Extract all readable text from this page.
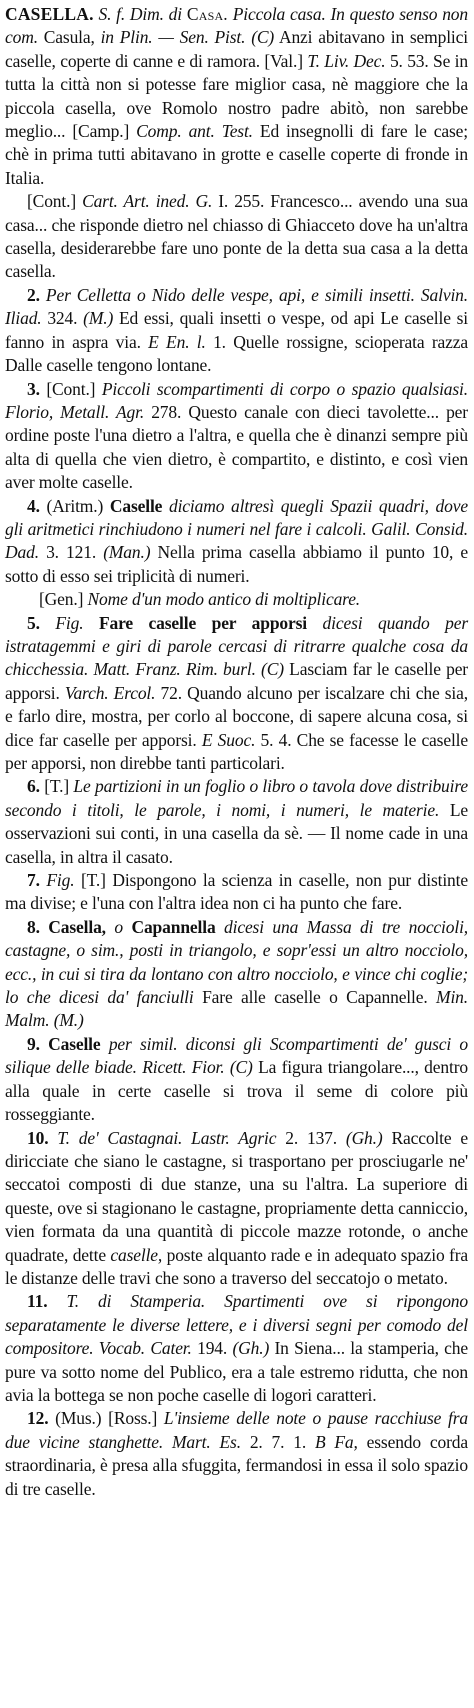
CASELLA. S. f. Dim. di Casa. Piccola casa. In questo senso non com. Casula, in Plin. — Sen. Pist. (C) Anzi abitavano in semplici caselle, coperte di canne e di ramora. [Val.] T. Liv. Dec. 5. 53. Se in tutta la città non si potesse fare miglior casa, nè maggiore che la piccola casella, ove Romolo nostro padre abitò, non sarebbe meglio... [Camp.] Comp. ant. Test. Ed insegnolli di fare le case; chè in prima tutti abitavano in grotte e caselle coperte di fronde in Italia.

[Cont.] Cart. Art. ined. G. I. 255. Francesco... avendo una sua casa... che risponde dietro nel chiasso di Ghiacceto dove ha un'altra casella, desiderarebbe fare uno ponte de la detta sua casa a la detta casella.

2. Per Celletta o Nido delle vespe, api, e simili insetti. Salvin. Iliad. 324. (M.) Ed essi, quali insetti o vespe, od api Le caselle si fanno in aspra via. E En. l. 1. Quelle rossigne, scioperata razza Dalle caselle tengono lontane.

3. [Cont.] Piccoli scompartimenti di corpo o spazio qualsiasi. Florio, Metall. Agr. 278. Questo canale con dieci tavolette... per ordine poste l'una dietro a l'altra, e quella che è dinanzi sempre più alta di quella che vien dietro, è compartito, e distinto, e così vien aver molte caselle.

4. (Aritm.) Caselle diciamo altresì quegli Spazii quadri, dove gli aritmetici rinchiudono i numeri nel fare i calcoli. Galil. Consid. Dad. 3. 121. (Man.) Nella prima casella abbiamo il punto 10, e sotto di esso sei triplicità di numeri.

[Gen.] Nome d'un modo antico di moltiplicare.

5. Fig. Fare caselle per apporsi dicesi quando per istratagemmi e giri di parole cercasi di ritrarre qualche cosa da chicchessia. Matt. Franz. Rim. burl. (C) Lasciam far le caselle per apporsi. Varch. Ercol. 72. Quando alcuno per iscalzare chi che sia, e farlo dire, mostra, per corlo al boccone, di sapere alcuna cosa, si dice far caselle per apporsi. E Suoc. 5. 4. Che se facesse le caselle per apporsi, non direbbe tanti particolari.

6. [T.] Le partizioni in un foglio o libro o tavola dove distribuire secondo i titoli, le parole, i nomi, i numeri, le materie. Le osservazioni sui conti, in una casella da sè. — Il nome cade in una casella, in altra il casato.

7. Fig. [T.] Dispongono la scienza in caselle, non pur distinte ma divise; e l'una con l'altra idea non ci ha punto che fare.

8. Casella, o Capannella dicesi una Massa di tre noccioli, castagne, o sim., posti in triangolo, e sopr'essi un altro nocciolo, ecc., in cui si tira da lontano con altro nocciolo, e vince chi coglie; lo che dicesi da' fanciulli Fare alle caselle o Capannelle. Min. Malm. (M.)

9. Caselle per simil. diconsi gli Scompartimenti de' gusci o silique delle biade. Ricett. Fior. (C) La figura triangolare..., dentro alla quale in certe caselle si trova il seme di colore più rosseggiante.

10. T. de' Castagnai. Lastr. Agric 2. 137. (Gh.) Raccolte e diricciate che siano le castagne, si trasportano per prosciugarle ne' seccatoi composti di due stanze, una su l'altra. La superiore di queste, ove si stagionano le castagne, propriamente detta canniccio, vien formata da una quantità di piccole mazze rotonde, o anche quadrate, dette caselle, poste alquanto rade e in adequato spazio fra le distanze delle travi che sono a traverso del seccatojo o metato.

11. T. di Stamperia. Spartimenti ove si ripongono separatamente le diverse lettere, e i diversi segni per comodo del compositore. Vocab. Cater. 194. (Gh.) In Siena... la stamperia, che pure va sotto nome del Publico, era a tale estremo ridutta, che non avia la bottega se non poche caselle di logori caratteri.

12. (Mus.) [Ross.] L'insieme delle note o pause racchiuse fra due vicine stanghette. Mart. Es. 2. 7. 1. B Fa, essendo corda straordinaria, è presa alla sfuggita, fermandosi in essa il solo spazio di tre caselle.
